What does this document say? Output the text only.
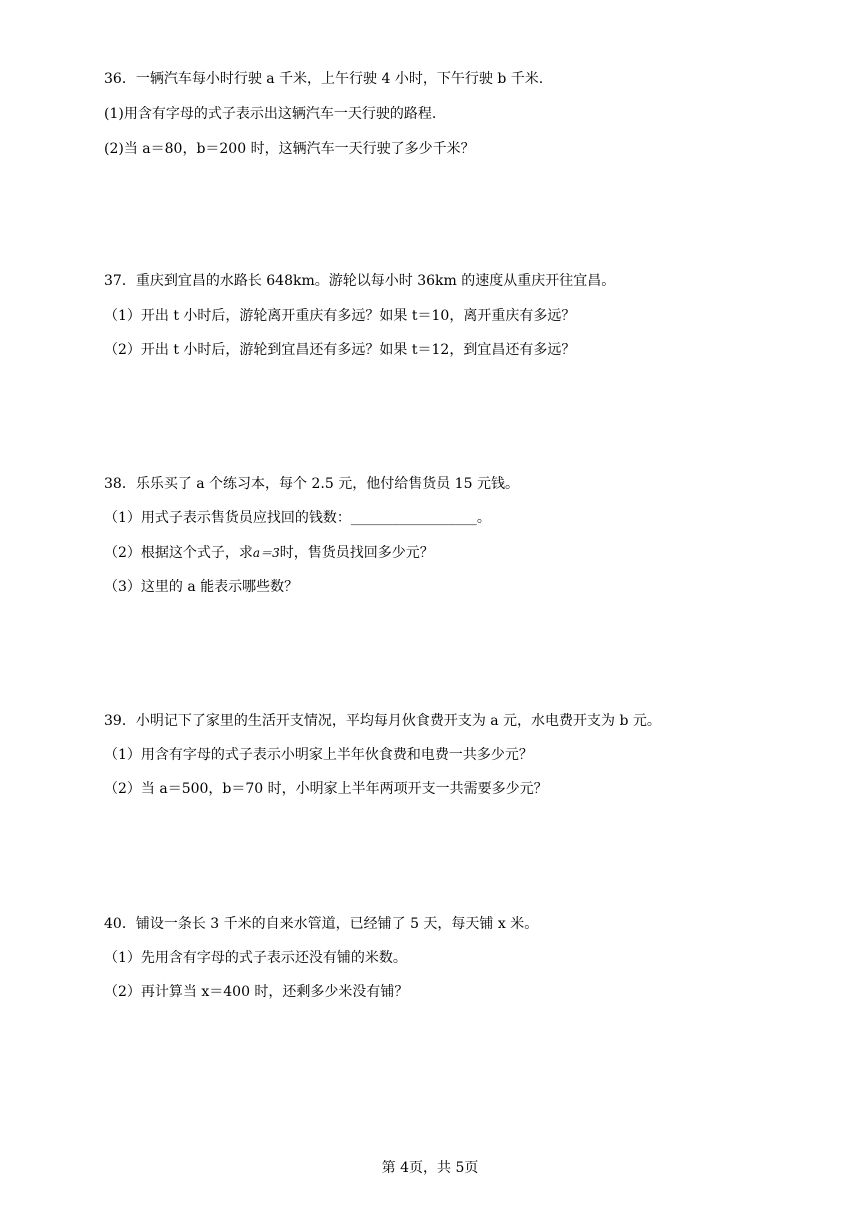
36．一辆汽车每小时行驶 a 千米，上午行驶 4 小时，下午行驶 b 千米.
(1)用含有字母的式子表示出这辆汽车一天行驶的路程.
(2)当 a＝80，b＝200 时，这辆汽车一天行驶了多少千米？
37．重庆到宜昌的水路长 648km。游轮以每小时 36km 的速度从重庆开往宜昌。
（1）开出 t 小时后，游轮离开重庆有多远？如果 t＝10，离开重庆有多远？
（2）开出 t 小时后，游轮到宜昌还有多远？如果 t＝12，到宜昌还有多远？
38．乐乐买了 a 个练习本，每个 2.5 元，他付给售货员 15 元钱。
（1）用式子表示售货员应找回的钱数：__________________。
（2）根据这个式子，求a＝3时，售货员找回多少元？
（3）这里的 a 能表示哪些数？
39．小明记下了家里的生活开支情况，平均每月伙食费开支为 a 元，水电费开支为 b 元。
（1）用含有字母的式子表示小明家上半年伙食费和电费一共多少元？
（2）当 a＝500，b＝70 时，小明家上半年两项开支一共需要多少元？
40．铺设一条长 3 千米的自来水管道，已经铺了 5 天，每天铺 x 米。
（1）先用含有字母的式子表示还没有铺的米数。
（2）再计算当 x＝400 时，还剩多少米没有铺？
第 4页，共 5页
